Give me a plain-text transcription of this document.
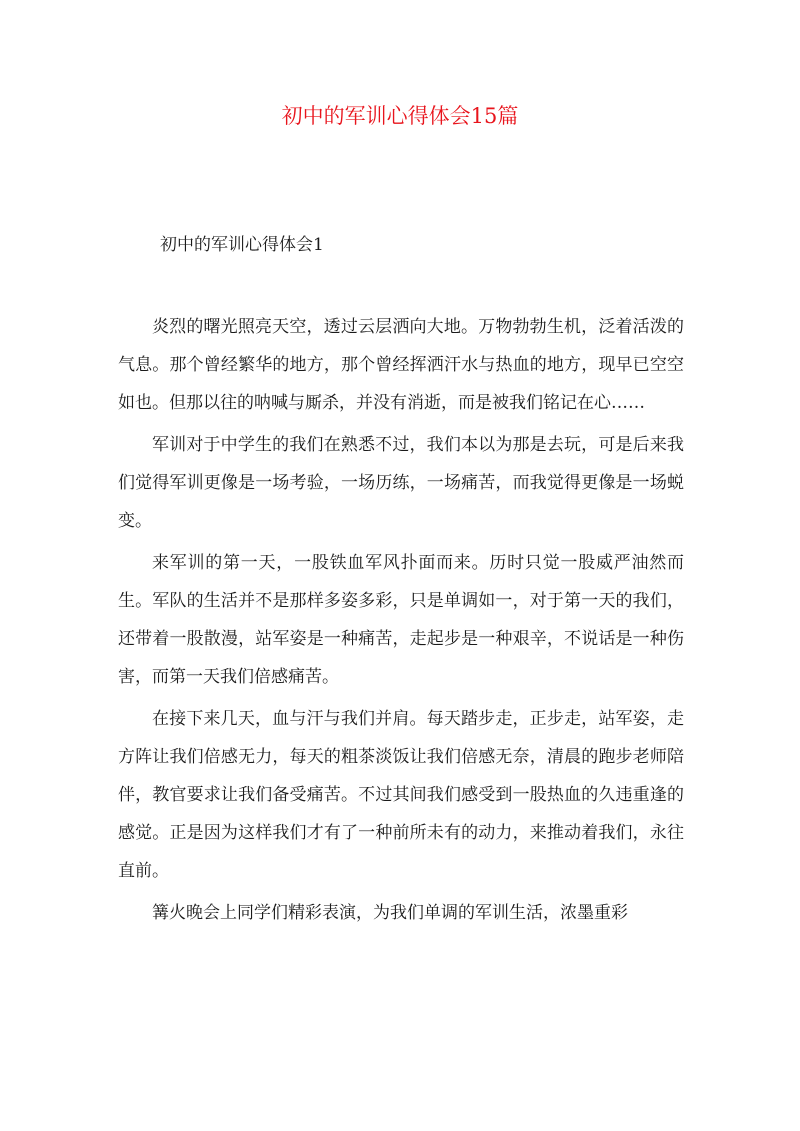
初中的军训心得体会15篇
初中的军训心得体会1

炎烈的曙光照亮天空，透过云层洒向大地。万物勃勃生机，泛着活泼的气息。那个曾经繁华的地方，那个曾经挥洒汗水与热血的地方，现早已空空如也。但那以往的呐喊与厮杀，并没有消逝，而是被我们铭记在心……

军训对于中学生的我们在熟悉不过，我们本以为那是去玩，可是后来我们觉得军训更像是一场考验，一场历练，一场痛苦，而我觉得更像是一场蜕变。

来军训的第一天，一股铁血军风扑面而来。历时只觉一股威严油然而生。军队的生活并不是那样多姿多彩，只是单调如一，对于第一天的我们，还带着一股散漫，站军姿是一种痛苦，走起步是一种艰辛，不说话是一种伤害，而第一天我们倍感痛苦。

在接下来几天，血与汗与我们并肩。每天踏步走，正步走，站军姿，走方阵让我们倍感无力，每天的粗茶淡饭让我们倍感无奈，清晨的跑步老师陪伴，教官要求让我们备受痛苦。不过其间我们感受到一股热血的久违重逢的感觉。正是因为这样我们才有了一种前所未有的动力，来推动着我们，永往直前。

篝火晚会上同学们精彩表演，为我们单调的军训生活，浓墨重彩
